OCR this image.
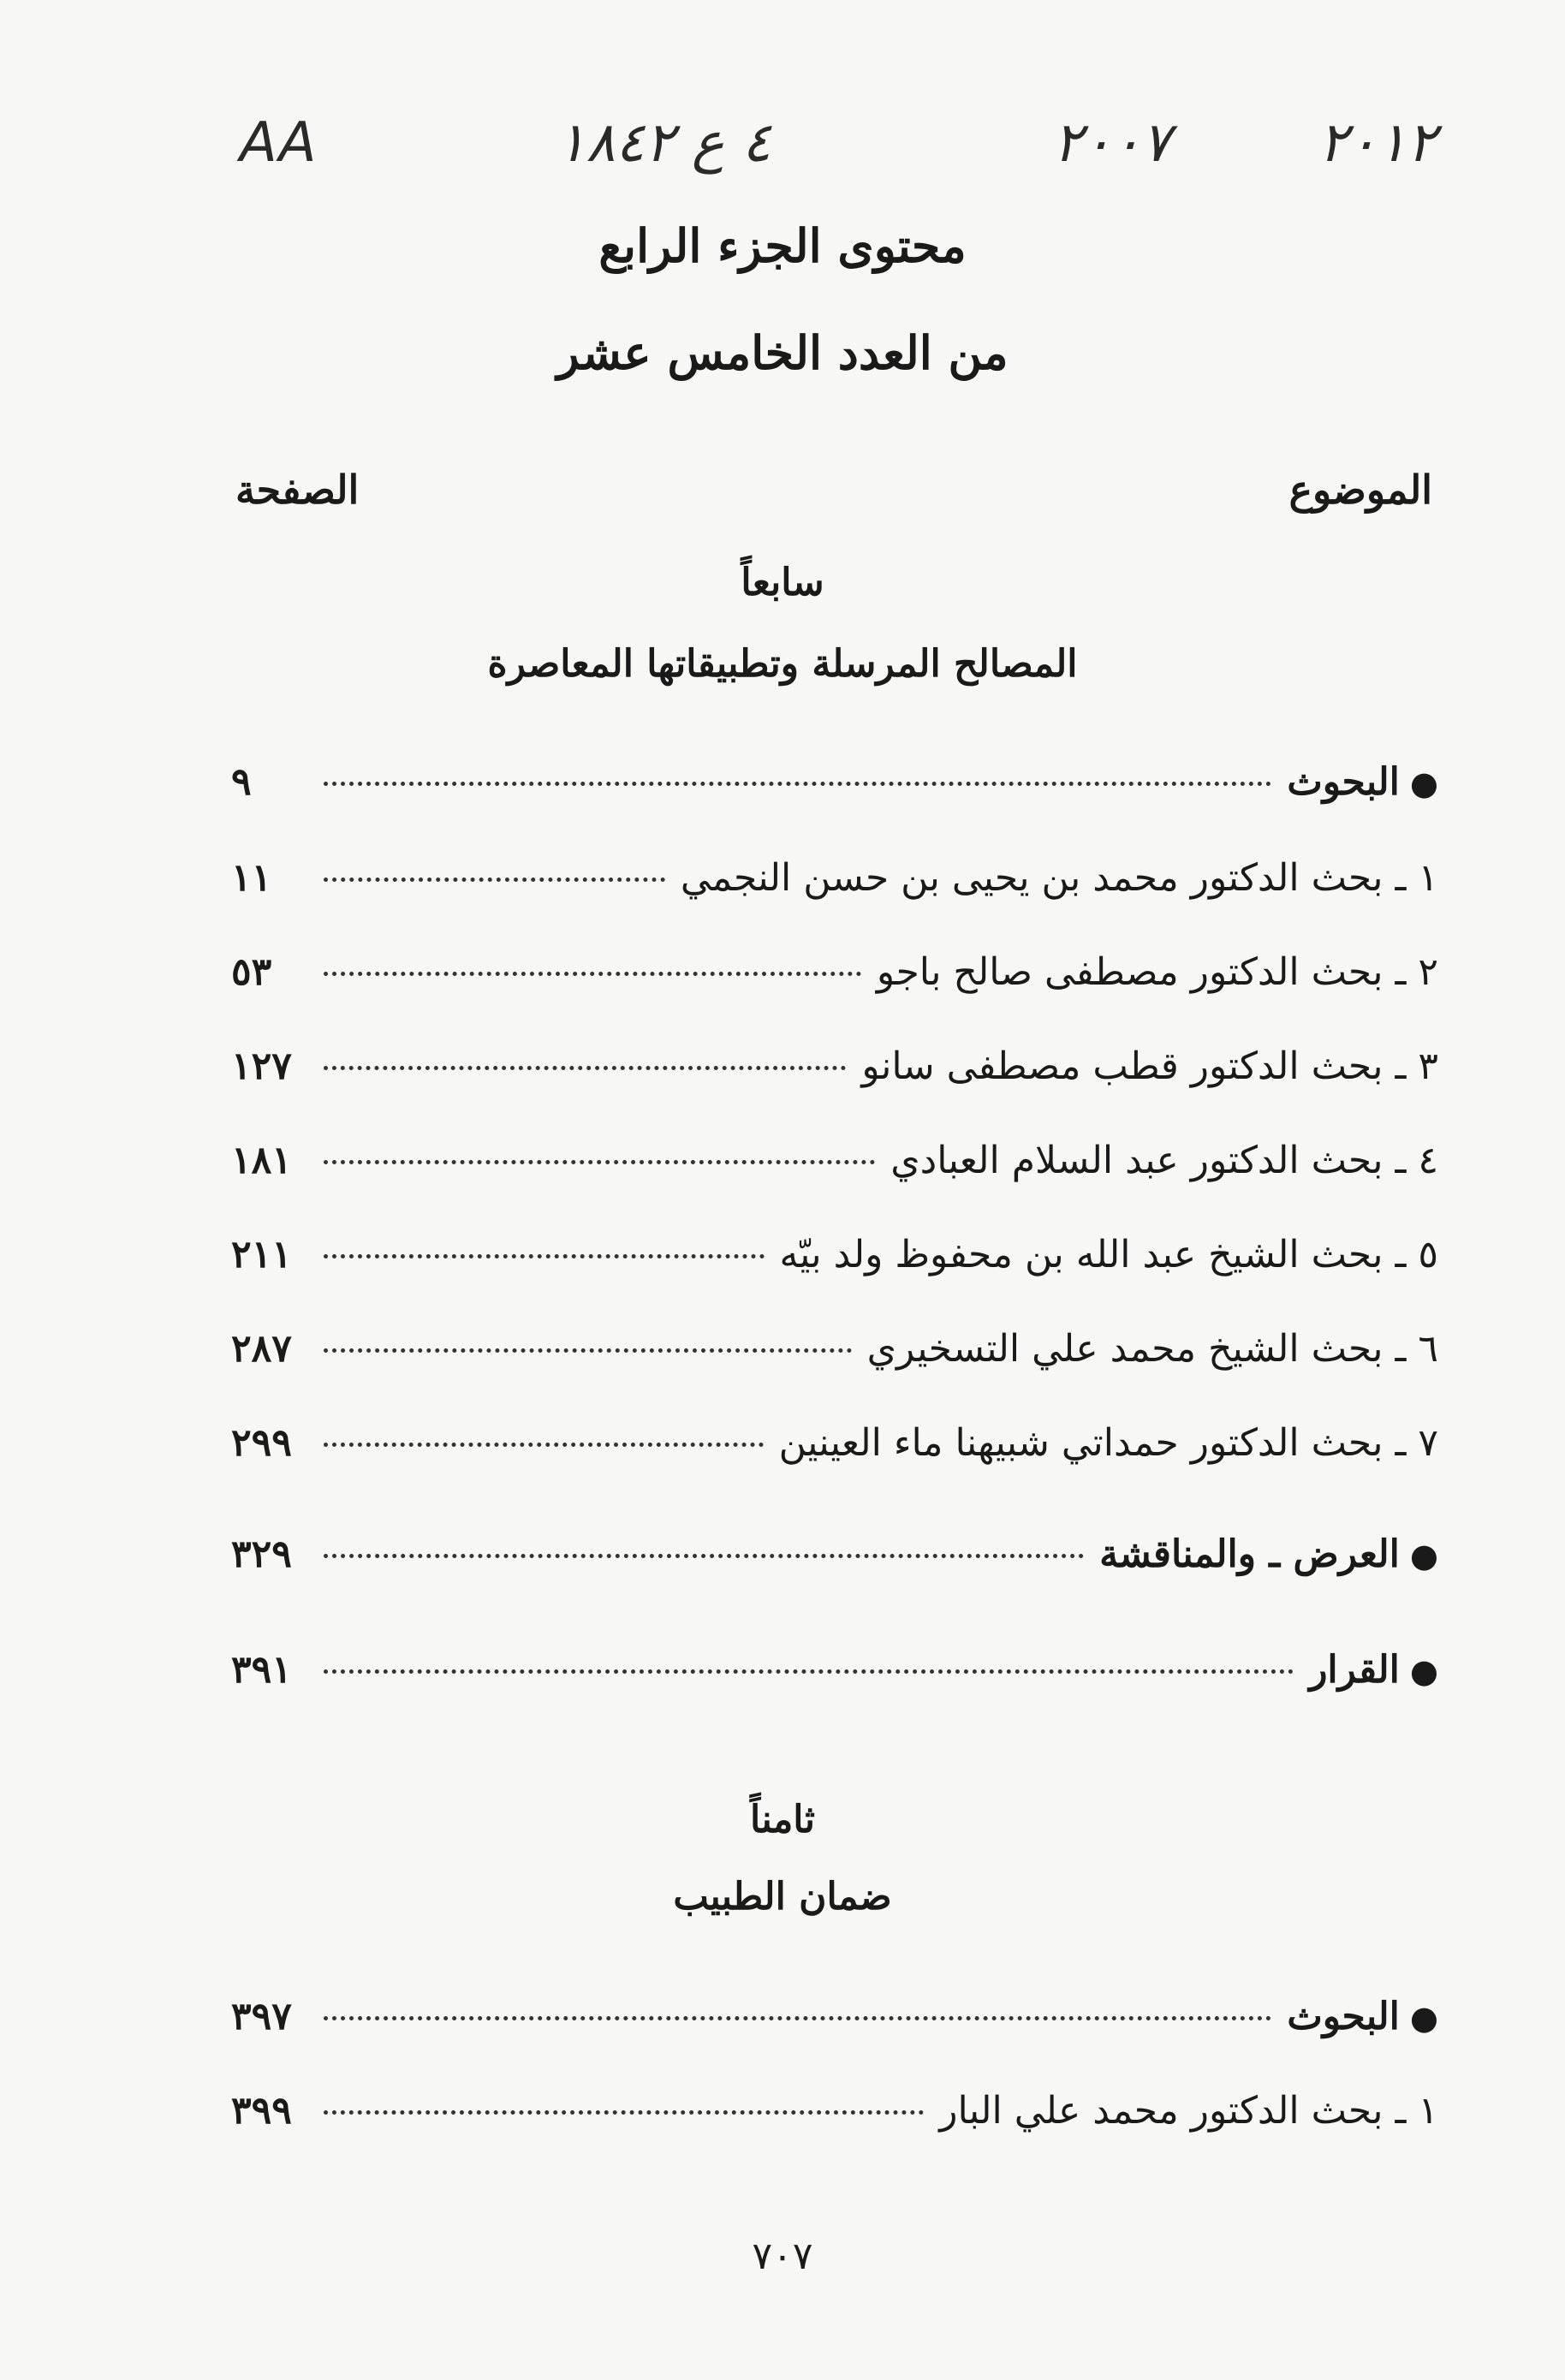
٢٠١٢
٢٠٠٧
٤ ع ١٨٤٢
AA
محتوى الجزء الرابع
من العدد الخامس عشر
الموضوع
الصفحة
سابعاً
المصالح المرسلة وتطبيقاتها المعاصرة
●
البحوث
٩
١ ـ بحث الدكتور محمد بن يحيى بن حسن النجمي
١١
٢ ـ بحث الدكتور مصطفى صالح باجو
٥٣
٣ ـ بحث الدكتور قطب مصطفى سانو
١٢٧
٤ ـ بحث الدكتور عبد السلام العبادي
١٨١
٥ ـ بحث الشيخ عبد الله بن محفوظ ولد بيّه
٢١١
٦ ـ بحث الشيخ محمد علي التسخيري
٢٨٧
٧ ـ بحث الدكتور حمداتي شبيهنا ماء العينين
٢٩٩
●
العرض ـ والمناقشة
٣٢٩
●
القرار
٣٩١
ثامناً
ضمان الطبيب
●
البحوث
٣٩٧
١ ـ بحث الدكتور محمد علي البار
٣٩٩
٧٠٧
